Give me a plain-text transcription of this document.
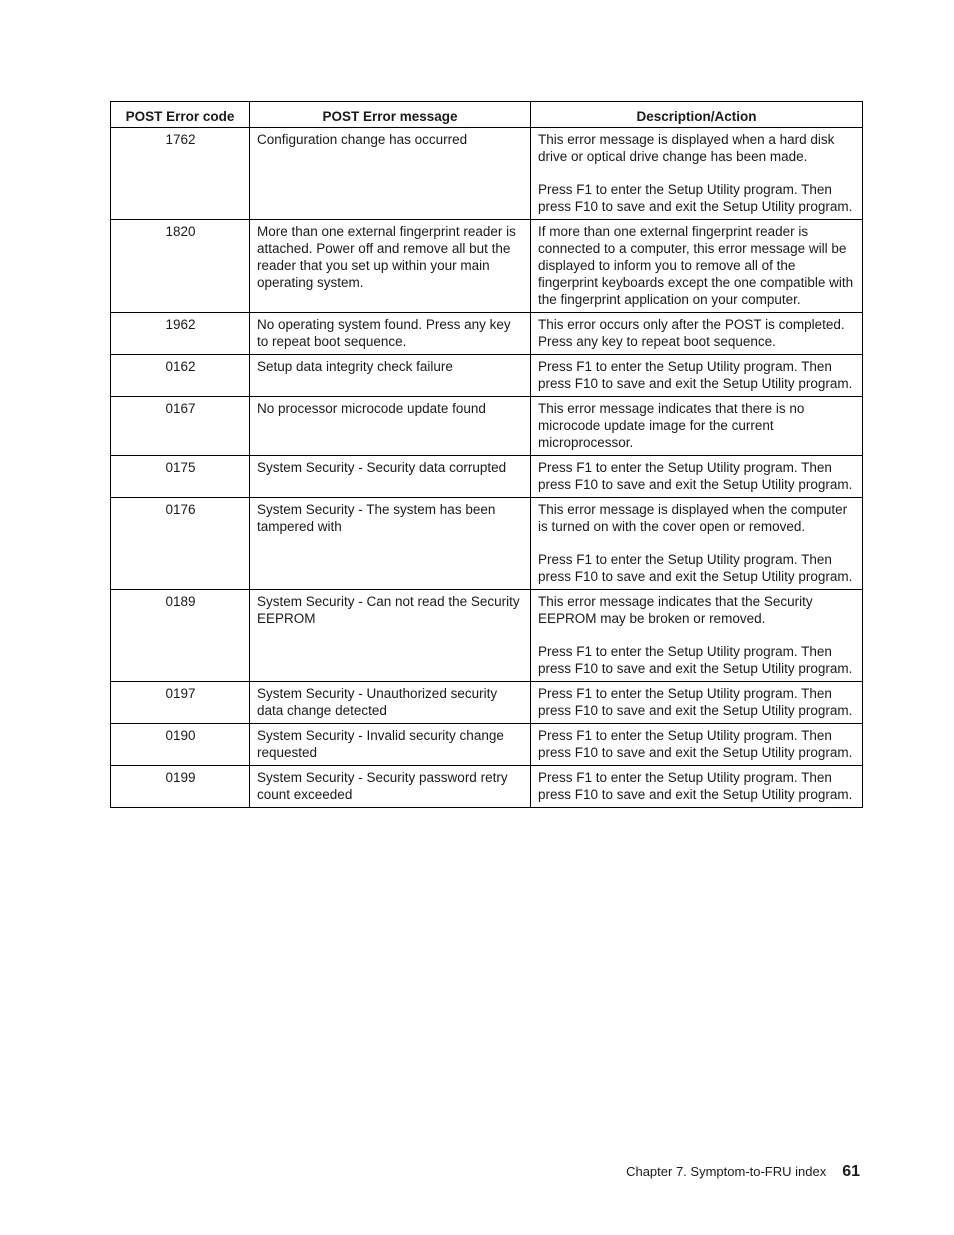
POST Error code	POST Error message	Description/Action
1762	Configuration change has occurred	This error message is displayed when a hard disk drive or optical drive change has been made.
Press F1 to enter the Setup Utility program. Then press F10 to save and exit the Setup Utility program.

1820	More than one external fingerprint reader is attached. Power off and remove all but the reader that you set up within your main operating system.	If more than one external fingerprint reader is connected to a computer, this error message will be displayed to inform you to remove all of the fingerprint keyboards except the one compatible with the fingerprint application on your computer.

1962	No operating system found. Press any key to repeat boot sequence.	This error occurs only after the POST is completed. Press any key to repeat boot sequence.

0162	Setup data integrity check failure	Press F1 to enter the Setup Utility program. Then press F10 to save and exit the Setup Utility program.

0167	No processor microcode update found	This error message indicates that there is no microcode update image for the current microprocessor.

0175	System Security - Security data corrupted	Press F1 to enter the Setup Utility program. Then press F10 to save and exit the Setup Utility program.

0176	System Security - The system has been tampered with	This error message is displayed when the computer is turned on with the cover open or removed.
Press F1 to enter the Setup Utility program. Then press F10 to save and exit the Setup Utility program.

0189	System Security - Can not read the Security EEPROM	This error message indicates that the Security EEPROM may be broken or removed.
Press F1 to enter the Setup Utility program. Then press F10 to save and exit the Setup Utility program.

0197	System Security - Unauthorized security data change detected	Press F1 to enter the Setup Utility program. Then press F10 to save and exit the Setup Utility program.

0190	System Security - Invalid security change requested	Press F1 to enter the Setup Utility program. Then press F10 to save and exit the Setup Utility program.

0199	System Security - Security password retry count exceeded	Press F1 to enter the Setup Utility program. Then press F10 to save and exit the Setup Utility program.
Chapter 7. Symptom-to-FRU index 61
